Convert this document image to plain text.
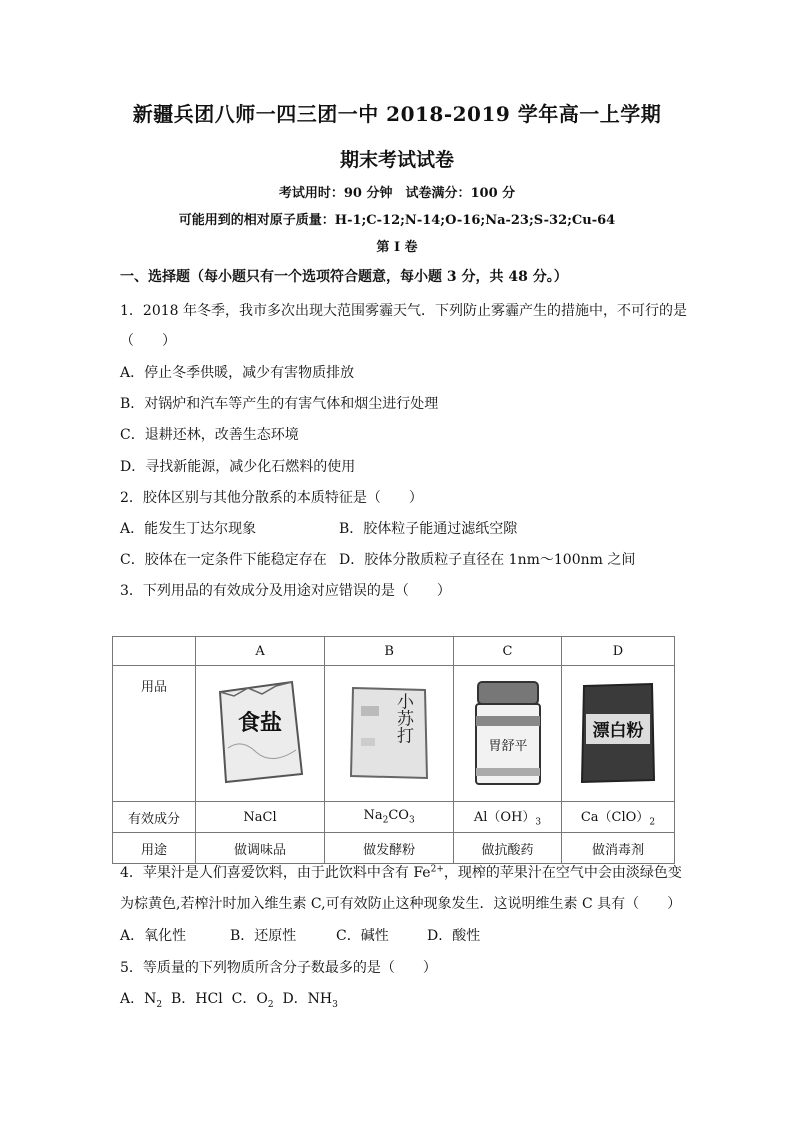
新疆兵团八师一四三团一中 2018-2019 学年高一上学期
期末考试试卷
考试用时：90 分钟　试卷满分：100 分
可能用到的相对原子质量：H-1;C-12;N-14;O-16;Na-23;S-32;Cu-64
第 I 卷
一、选择题（每小题只有一个选项符合题意，每小题 3 分，共 48 分。）
1．2018 年冬季，我市多次出现大范围雾霾天气．下列防止雾霾产生的措施中，不可行的是
（　　）
A．停止冬季供暖，减少有害物质排放
B．对锅炉和汽车等产生的有害气体和烟尘进行处理
C．退耕还林，改善生态环境
D．寻找新能源，减少化石燃料的使用
2．胶体区别与其他分散系的本质特征是（　　）
A．能发生丁达尔现象	B．胶体粒子能通过滤纸空隙
C．胶体在一定条件下能稳定存在 D．胶体分散质粒子直径在 1nm～100nm 之间
3．下列用品的有效成分及用途对应错误的是（　　）
	A	B	C	D
用品	食盐	小苏打	胃舒平	漂白粉

有效成分	NaCl	$Na_2CO_3$	$Al(OH)_3$	$Ca(ClO)_2$
用途	做调味品	做发酵粉	做抗酸药	做消毒剂
4．苹果汁是人们喜爱饮料，由于此饮料中含有 $Fe^{2+}$，现榨的苹果汁在空气中会由淡绿色变
为棕黄色,若榨汁时加入维生素 C,可有效防止这种现象发生．这说明维生素 C 具有（　　）
A．氧化性	B．还原性	C．碱性	D．酸性
5．等质量的下列物质所含分子数最多的是（　　）
A．$N_2$ B．HCl C．$O_2$ D．$NH_3$
